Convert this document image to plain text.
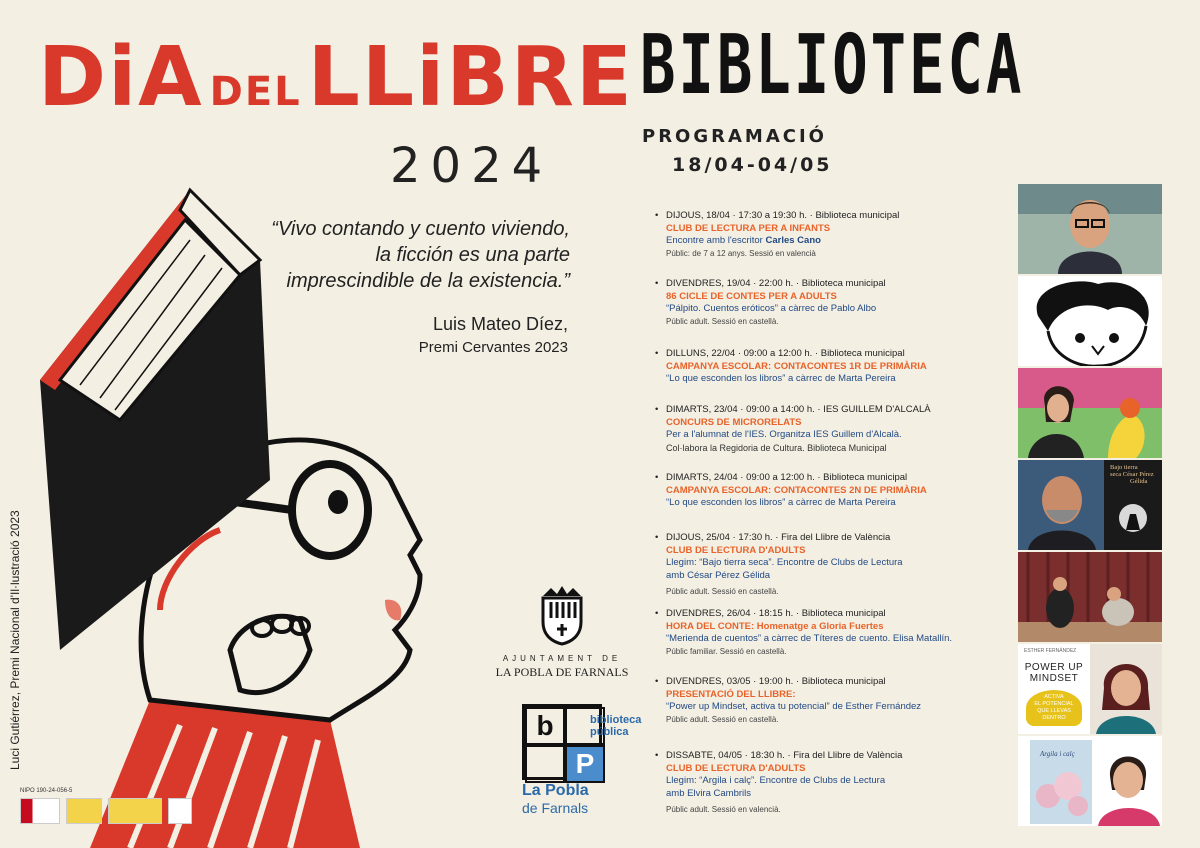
DiA DELLLiBRE
2024
“Vivo contando y cuento viviendo, la ficción es una parte imprescindible de la existencia.”
Luis Mateo Díez,
Premi Cervantes 2023
Luci Gutiérrez, Premi Nacional d'Il·lustració 2023
NIPO 190-24-056-5
AJUNTAMENT DE
LA POBLA DE FARNALS
b
P
biblioteca
pública
La Pobla
de Farnals
BIBLIOTECA
PROGRAMACIÓ
18/04-04/05
• DIJOUS, 18/04 · 17:30 a 19:30 h. · Biblioteca municipal
CLUB DE LECTURA PER A INFANTS
Encontre amb l'escritor Carles Cano
Públic: de 7 a 12 anys. Sessió en valencià
• DIVENDRES, 19/04 · 22:00 h. · Biblioteca municipal
86 CICLE DE CONTES PER A ADULTS
“Pálpito. Cuentos eróticos” a càrrec de Pablo Albo
Públic adult. Sessió en castellà.
• DILLUNS, 22/04 · 09:00 a 12:00 h. · Biblioteca municipal
CAMPANYA ESCOLAR: CONTACONTES 1R DE PRIMÀRIA
“Lo que esconden los libros” a càrrec de Marta Pereira
• DIMARTS, 23/04 · 09:00 a 14:00 h. · IES GUILLEM D'ALCALÀ
CONCURS DE MICRORELATS
Per a l'alumnat de l'IES. Organitza IES Guillem d'Alcalà.
Col·labora la Regidoria de Cultura. Biblioteca Municipal
• DIMARTS, 24/04 · 09:00 a 12:00 h. · Biblioteca municipal
CAMPANYA ESCOLAR: CONTACONTES 2N DE PRIMÀRIA
“Lo que esconden los libros” a càrrec de Marta Pereira
• DIJOUS, 25/04 · 17:30 h. · Fira del Llibre de València
CLUB DE LECTURA D'ADULTS
Llegim: “Bajo tierra seca”. Encontre de Clubs de Lectura
amb César Pérez Gélida
Públic adult. Sessió en castellà.
• DIVENDRES, 26/04 · 18:15 h. · Biblioteca municipal
HORA DEL CONTE: Homenatge a Gloria Fuertes
“Merienda de cuentos” a càrrec de Títeres de cuento. Elisa Matallín.
Públic familiar. Sessió en castellà.
• DIVENDRES, 03/05 · 19:00 h. · Biblioteca municipal
PRESENTACIÓ DEL LLIBRE:
“Power up Mindset, activa tu potencial” de Esther Fernández
Públic adult. Sessió en castellà.
• DISSABTE, 04/05 · 18:30 h. · Fira del Llibre de València
CLUB DE LECTURA D'ADULTS
Llegim: “Argila i calç”. Encontre de Clubs de Lectura
amb Elvira Cambrils
Públic adult. Sessió en valencià.
Bajo tierra
seca César Pérez
Gélida
ESTHER FERNÁNDEZ
POWER UP
MINDSET
ACTIVA
EL POTENCIAL
QUE LLEVAS
DENTRO
Argila i calç
